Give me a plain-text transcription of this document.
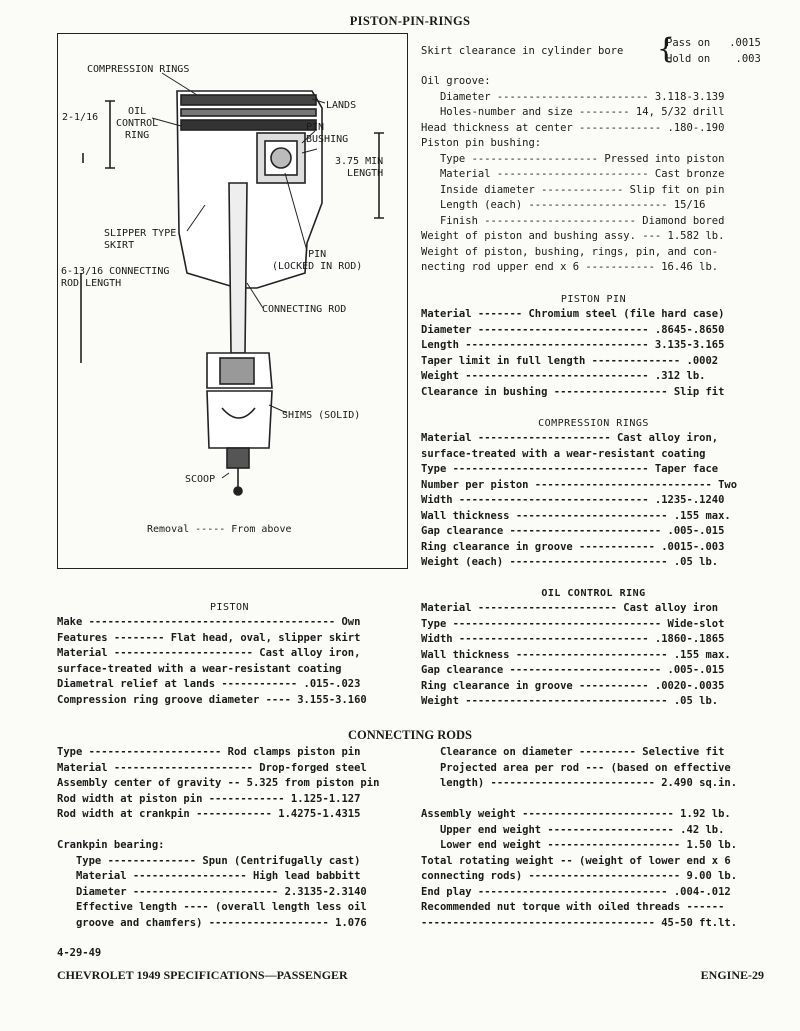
PISTON-PIN-RINGS
COMPRESSION RINGS
2-1/16
OIL
CONTROL
RING
LANDS
PIN
BUSHING
3.75 MIN
LENGTH
SLIPPER TYPE
SKIRT
PIN
(LOCKED IN ROD)
6-13/16 CONNECTING
ROD LENGTH
CONNECTING ROD
SHIMS (SOLID)
SCOOP
Removal ----- From above
Skirt clearance in cylinder bore {
Pass on   .0015
Hold on    .003
Oil groove:
Diameter ------------------------ 3.118-3.139
Holes-number and size -------- 14, 5/32 drill
Head thickness at center ------------- .180-.190
Piston pin bushing:
Type -------------------- Pressed into piston
Material ------------------------ Cast bronze
Inside diameter ------------- Slip fit on pin
Length (each) ---------------------- 15/16
Finish ------------------------ Diamond bored
Weight of piston and bushing assy. --- 1.582 lb.
Weight of piston, bushing, rings, pin, and con-
necting rod upper end x 6 ----------- 16.46 lb.
PISTON PIN
Material ------- Chromium steel (file hard case)
Diameter --------------------------- .8645-.8650
Length ----------------------------- 3.135-3.165
Taper limit in full length -------------- .0002
Weight ----------------------------- .312 lb.
Clearance in bushing ------------------ Slip fit
COMPRESSION RINGS
Material --------------------- Cast alloy iron,
surface-treated with a wear-resistant coating
Type ------------------------------- Taper face
Number per piston ---------------------------- Two
Width ------------------------------ .1235-.1240
Wall thickness ------------------------ .155 max.
Gap clearance ------------------------ .005-.015
Ring clearance in groove ------------ .0015-.003
Weight (each) ------------------------- .05 lb.
OIL CONTROL RING
Material ---------------------- Cast alloy iron
Type --------------------------------- Wide-slot
Width ------------------------------ .1860-.1865
Wall thickness ------------------------ .155 max.
Gap clearance ------------------------ .005-.015
Ring clearance in groove ----------- .0020-.0035
Weight -------------------------------- .05 lb.
PISTON
Make --------------------------------------- Own
Features -------- Flat head, oval, slipper skirt
Material ---------------------- Cast alloy iron,
surface-treated with a wear-resistant coating
Diametral relief at lands ------------ .015-.023
Compression ring groove diameter ---- 3.155-3.160
CONNECTING RODS
Type --------------------- Rod clamps piston pin
Material ---------------------- Drop-forged steel
Assembly center of gravity -- 5.325 from piston pin
Rod width at piston pin ------------ 1.125-1.127
Rod width at crankpin ------------ 1.4275-1.4315
Crankpin bearing:
Type -------------- Spun (Centrifugally cast)
Material ------------------ High lead babbitt
Diameter ----------------------- 2.3135-2.3140
Effective length ---- (overall length less oil
groove and chamfers) ------------------- 1.076
Clearance on diameter --------- Selective fit
Projected area per rod --- (based on effective
length) -------------------------- 2.490 sq.in.
Assembly weight ------------------------ 1.92 lb.
Upper end weight -------------------- .42 lb.
Lower end weight --------------------- 1.50 lb.
Total rotating weight -- (weight of lower end x 6
connecting rods) ------------------------ 9.00 lb.
End play ------------------------------ .004-.012
Recommended nut torque with oiled threads ------
------------------------------------- 45-50 ft.lt.
4-29-49
CHEVROLET 1949 SPECIFICATIONS—PASSENGER	ENGINE-29
